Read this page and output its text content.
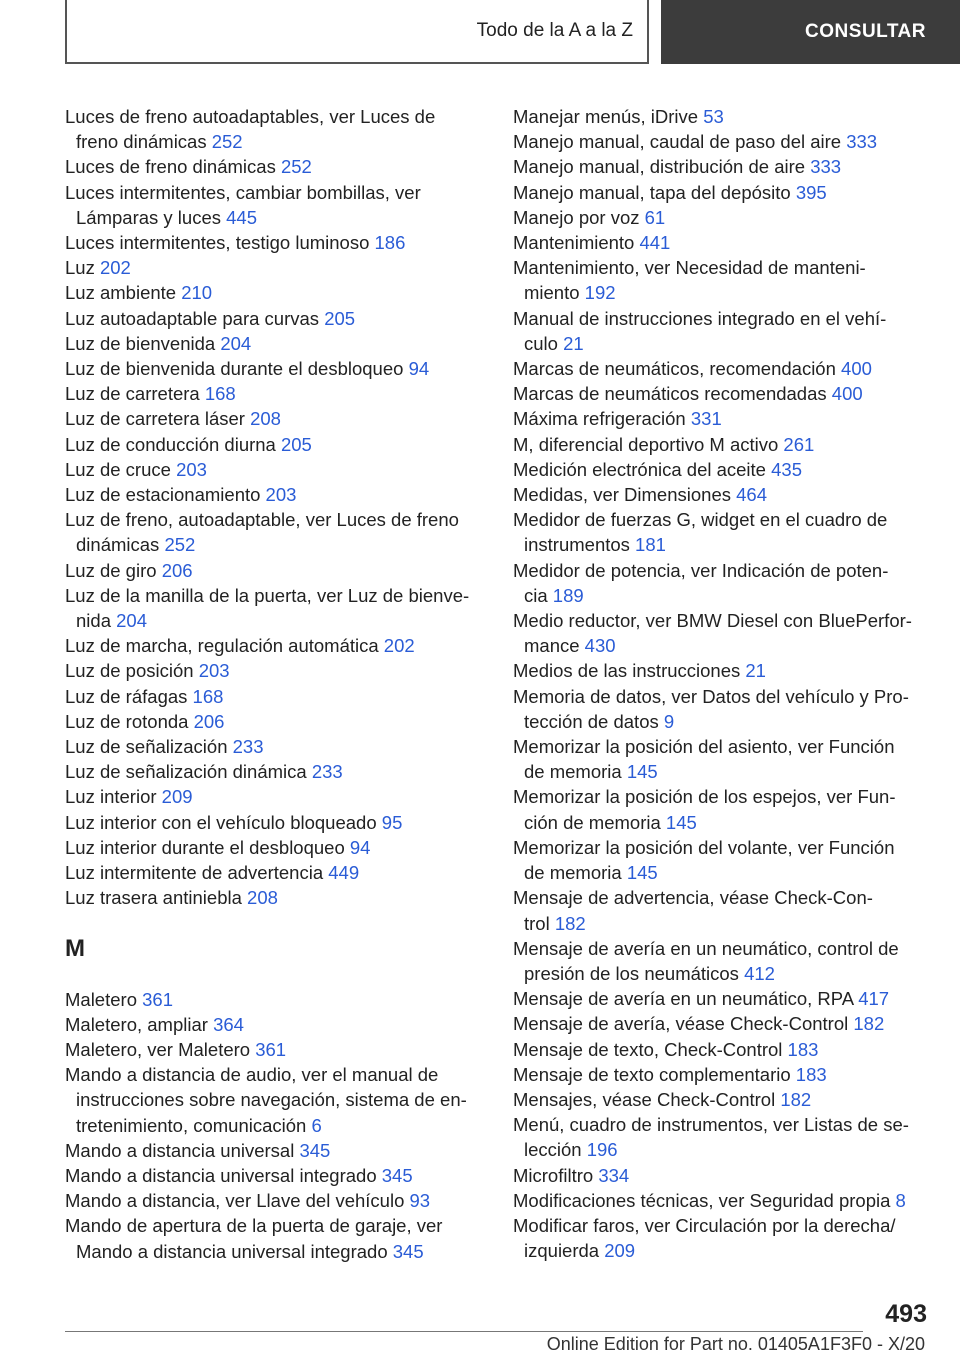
Todo de la A a la Z	CONSULTAR
Luces de freno autoadaptables, ver Luces de
freno dinámicas 252
Luces de freno dinámicas 252
Luces intermitentes, cambiar bombillas, ver
Lámparas y luces 445
Luces intermitentes, testigo luminoso 186
Luz 202
Luz ambiente 210
Luz autoadaptable para curvas 205
Luz de bienvenida 204
Luz de bienvenida durante el desbloqueo 94
Luz de carretera 168
Luz de carretera láser 208
Luz de conducción diurna 205
Luz de cruce 203
Luz de estacionamiento 203
Luz de freno, autoadaptable, ver Luces de freno
dinámicas 252
Luz de giro 206
Luz de la manilla de la puerta, ver Luz de bienve-
nida 204
Luz de marcha, regulación automática 202
Luz de posición 203
Luz de ráfagas 168
Luz de rotonda 206
Luz de señalización 233
Luz de señalización dinámica 233
Luz interior 209
Luz interior con el vehículo bloqueado 95
Luz interior durante el desbloqueo 94
Luz intermitente de advertencia 449
Luz trasera antiniebla 208
M
Maletero 361
Maletero, ampliar 364
Maletero, ver Maletero 361
Mando a distancia de audio, ver el manual de
instrucciones sobre navegación, sistema de en-
tretenimiento, comunicación 6
Mando a distancia universal 345
Mando a distancia universal integrado 345
Mando a distancia, ver Llave del vehículo 93
Mando de apertura de la puerta de garaje, ver
Mando a distancia universal integrado 345
Manejar menús, iDrive 53
Manejo manual, caudal de paso del aire 333
Manejo manual, distribución de aire 333
Manejo manual, tapa del depósito 395
Manejo por voz 61
Mantenimiento 441
Mantenimiento, ver Necesidad de manteni-
miento 192
Manual de instrucciones integrado en el vehí-
culo 21
Marcas de neumáticos, recomendación 400
Marcas de neumáticos recomendadas 400
Máxima refrigeración 331
M, diferencial deportivo M activo 261
Medición electrónica del aceite 435
Medidas, ver Dimensiones 464
Medidor de fuerzas G, widget en el cuadro de
instrumentos 181
Medidor de potencia, ver Indicación de poten-
cia 189
Medio reductor, ver BMW Diesel con BluePerfor-
mance 430
Medios de las instrucciones 21
Memoria de datos, ver Datos del vehículo y Pro-
tección de datos 9
Memorizar la posición del asiento, ver Función
de memoria 145
Memorizar la posición de los espejos, ver Fun-
ción de memoria 145
Memorizar la posición del volante, ver Función
de memoria 145
Mensaje de advertencia, véase Check-Con-
trol 182
Mensaje de avería en un neumático, control de
presión de los neumáticos 412
Mensaje de avería en un neumático, RPA 417
Mensaje de avería, véase Check-Control 182
Mensaje de texto, Check-Control 183
Mensaje de texto complementario 183
Mensajes, véase Check-Control 182
Menú, cuadro de instrumentos, ver Listas de se-
lección 196
Microfiltro 334
Modificaciones técnicas, ver Seguridad propia 8
Modificar faros, ver Circulación por la derecha/
izquierda 209
493
Online Edition for Part no. 01405A1F3F0 - X/20
